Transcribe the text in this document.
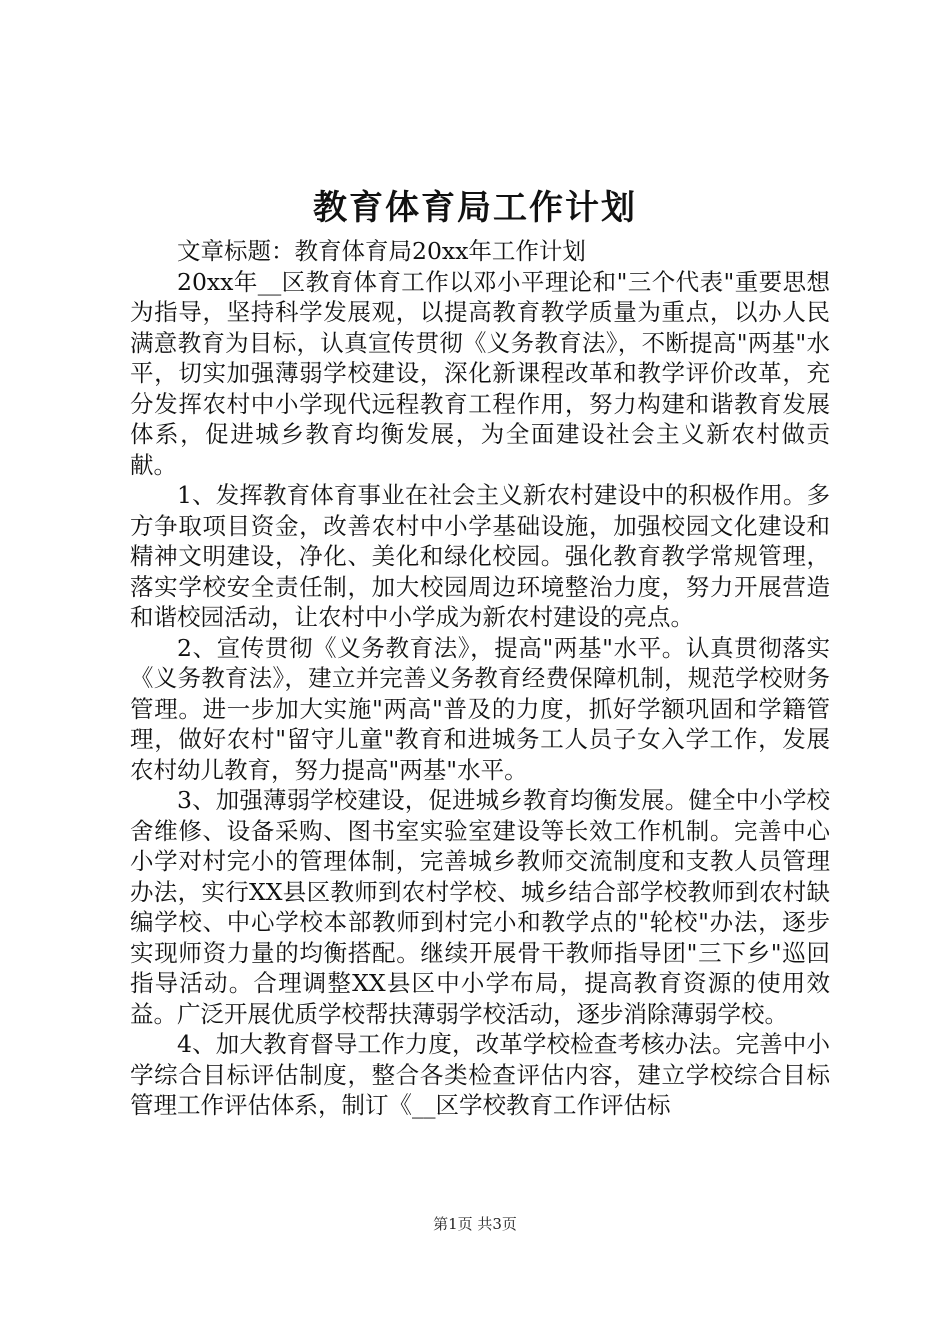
教育体育局工作计划

文章标题：教育体育局20xx年工作计划

20xx年__区教育体育工作以邓小平理论和"三个代表"重要思想为指导，坚持科学发展观，以提高教育教学质量为重点，以办人民满意教育为目标，认真宣传贯彻《义务教育法》，不断提高"两基"水平，切实加强薄弱学校建设，深化新课程改革和教学评价改革，充分发挥农村中小学现代远程教育工程作用，努力构建和谐教育发展体系，促进城乡教育均衡发展，为全面建设社会主义新农村做贡献。

1、发挥教育体育事业在社会主义新农村建设中的积极作用。多方争取项目资金，改善农村中小学基础设施，加强校园文化建设和精神文明建设，净化、美化和绿化校园。强化教育教学常规管理，落实学校安全责任制，加大校园周边环境整治力度，努力开展营造和谐校园活动，让农村中小学成为新农村建设的亮点。

2、宣传贯彻《义务教育法》，提高"两基"水平。认真贯彻落实《义务教育法》，建立并完善义务教育经费保障机制，规范学校财务管理。进一步加大实施"两高"普及的力度，抓好学额巩固和学籍管理，做好农村"留守儿童"教育和进城务工人员子女入学工作，发展农村幼儿教育，努力提高"两基"水平。

3、加强薄弱学校建设，促进城乡教育均衡发展。健全中小学校舍维修、设备采购、图书室实验室建设等长效工作机制。完善中心小学对村完小的管理体制，完善城乡教师交流制度和支教人员管理办法，实行XX县区教师到农村学校、城乡结合部学校教师到农村缺编学校、中心学校本部教师到村完小和教学点的"轮校"办法，逐步实现师资力量的均衡搭配。继续开展骨干教师指导团"三下乡"巡回指导活动。合理调整XX县区中小学布局，提高教育资源的使用效益。广泛开展优质学校帮扶薄弱学校活动，逐步消除薄弱学校。

4、加大教育督导工作力度，改革学校检查考核办法。完善中小学综合目标评估制度，整合各类检查评估内容，建立学校综合目标管理工作评估体系，制订《__区学校教育工作评估标

第1页 共3页
